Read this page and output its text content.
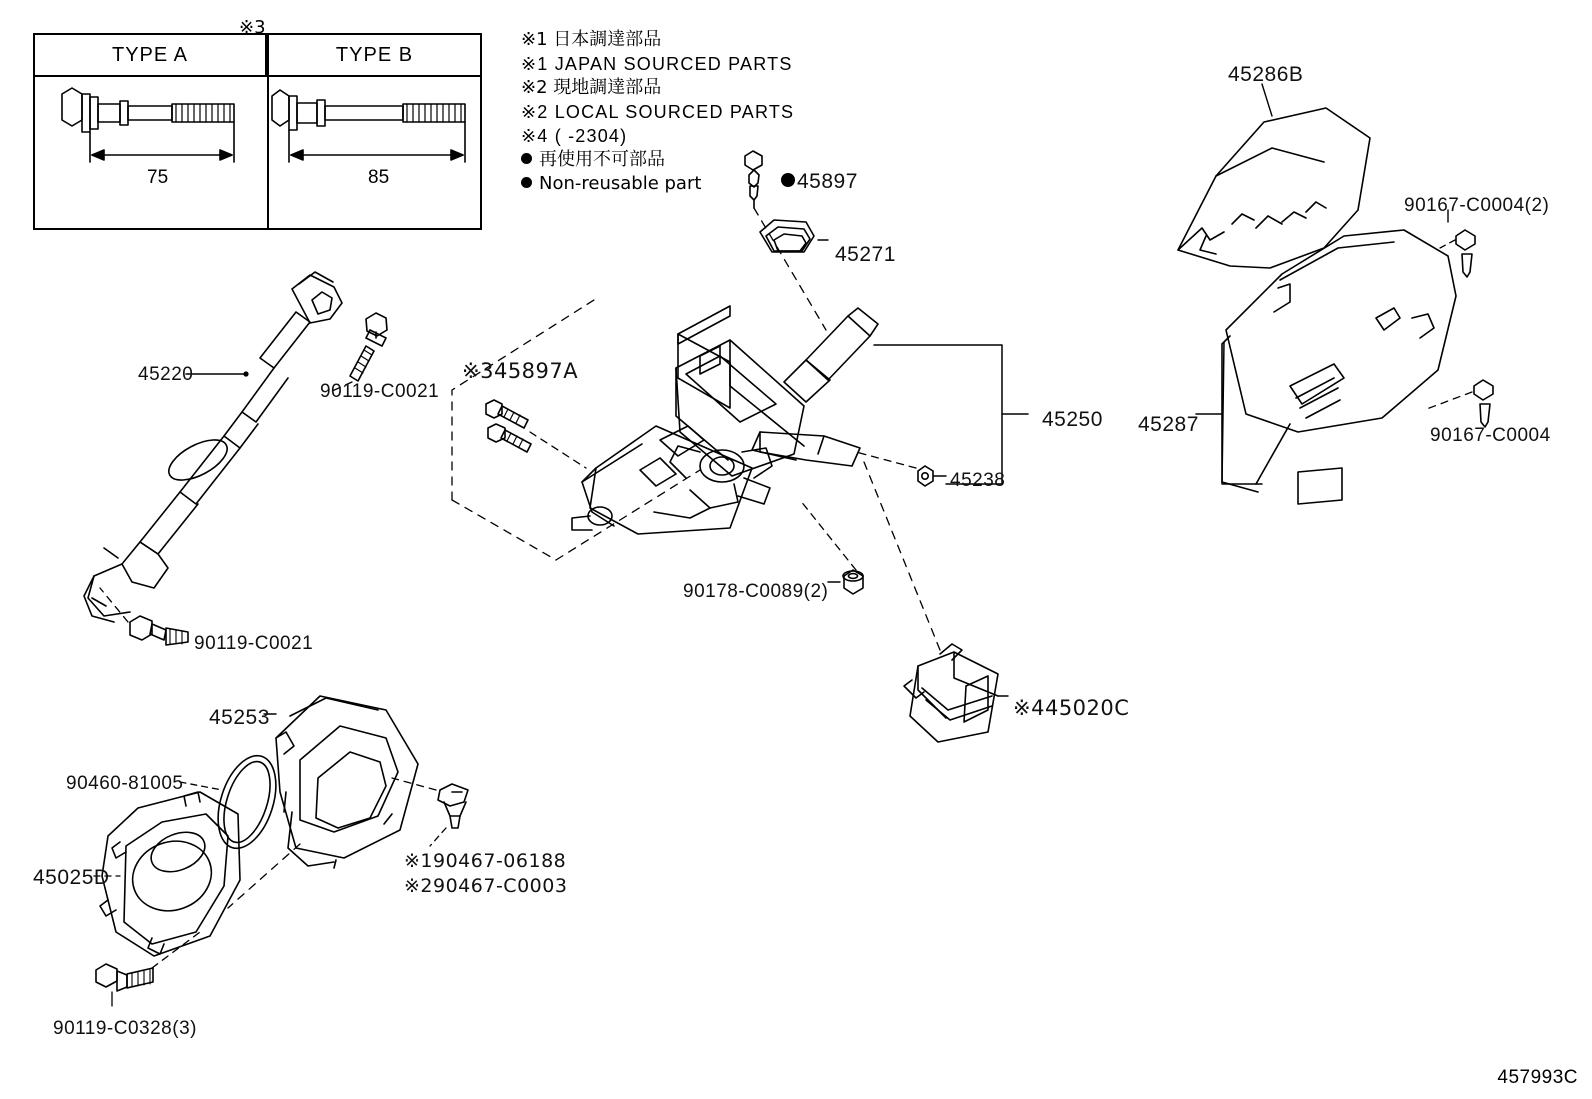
※3
TYPE A	TYPE B
75	85
※1 日本調達部品
※1 JAPAN SOURCED PARTS
※2 現地調達部品
※2 LOCAL SOURCED PARTS
※4 ( -2304)
再使用不可部品
Non-reusable part
45220
90119-C0021
90119-C0021
※345897A
45897
45271
45250
45238
90178-C0089(2)
※445020C
45286B
90167-C0004(2)
45287	90167-C0004
45253
90460-81005
45025D
※190467-06188
※290467-C0003
90119-C0328(3)
457993C
